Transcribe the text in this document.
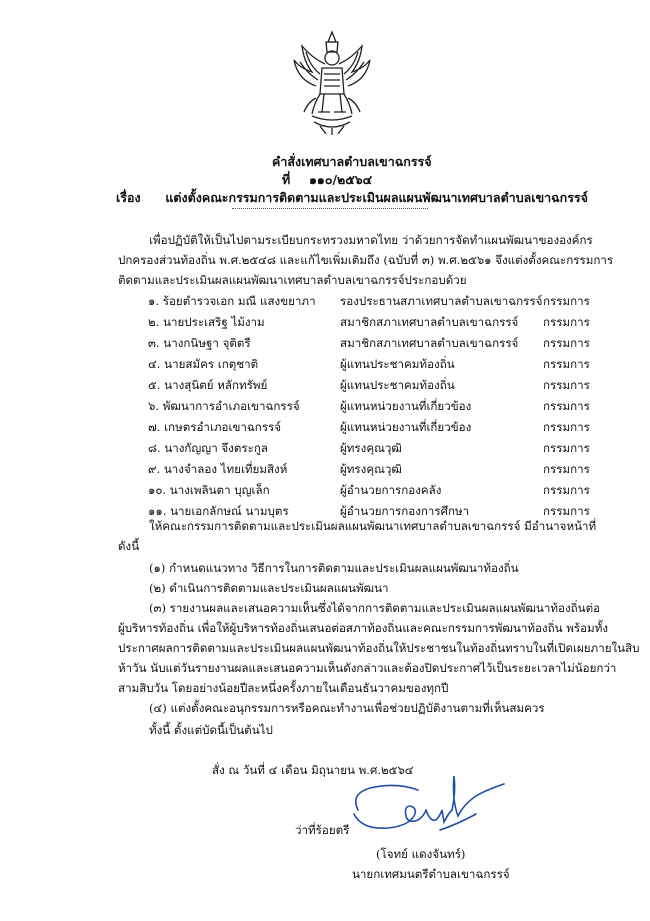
คำสั่งเทศบาลตำบลเขาฉกรรจ์
ที่ ๑๑๐/๒๕๖๔
เรื่อง แต่งตั้งคณะกรรมการติดตามและประเมินผลแผนพัฒนาเทศบาลตำบลเขาฉกรรจ์
เพื่อปฏิบัติให้เป็นไปตามระเบียบกระทรวงมหาดไทย ว่าด้วยการจัดทำแผนพัฒนาขององค์กร
ปกครองส่วนท้องถิ่น พ.ศ.๒๕๔๘ และแก้ไขเพิ่มเติมถึง (ฉบับที่ ๓) พ.ศ.๒๕๖๑ จึงแต่งตั้งคณะกรรมการ
ติดตามและประเมินผลแผนพัฒนาเทศบาลตำบลเขาฉกรรจ์ประกอบด้วย
๑. ร้อยตำรวจเอก มณี แสงขยาภา รองประธานสภาเทศบาลตำบลเขาฉกรรจ์ กรรมการ
๒. นายประเสริฐ ไม้งาม	สมาชิกสภาเทศบาลตำบลเขาฉกรรจ์ กรรมการ
๓. นางกนิษฐา จุติตรี	สมาชิกสภาเทศบาลตำบลเขาฉกรรจ์ กรรมการ
๔. นายสมัคร เกตุชาติ	ผู้แทนประชาคมท้องถิ่น	กรรมการ
๕. นางสุนิตย์ หลักทรัพย์	ผู้แทนประชาคมท้องถิ่น	กรรมการ
๖. พัฒนาการอำเภอเขาฉกรรจ์	ผู้แทนหน่วยงานที่เกี่ยวข้อง	กรรมการ
๗. เกษตรอำเภอเขาฉกรรจ์	ผู้แทนหน่วยงานที่เกี่ยวข้อง	กรรมการ
๘. นางกัญญา จึงตระกูล	ผู้ทรงคุณวุฒิ	กรรมการ
๙. นางจำลอง ไทยเที่ยมสิงห์	ผู้ทรงคุณวุฒิ	กรรมการ
๑๐. นางเพลินตา บุญเล็ก	ผู้อำนวยการกองคลัง	กรรมการ
๑๑. นายเอกลักษณ์ นามบุตร	ผู้อำนวยการกองการศึกษา	กรรมการ
ให้คณะกรรมการติดตามและประเมินผลแผนพัฒนาเทศบาลตำบลเขาฉกรรจ์ มีอำนาจหน้าที่
ดังนี้
(๑) กำหนดแนวทาง วิธีการในการติดตามและประเมินผลแผนพัฒนาท้องถิ่น
(๒) ดำเนินการติดตามและประเมินผลแผนพัฒนา
(๓) รายงานผลและเสนอความเห็นซึ่งได้จากการติดตามและประเมินผลแผนพัฒนาท้องถิ่นต่อ
ผู้บริหารท้องถิ่น เพื่อให้ผู้บริหารท้องถิ่นเสนอต่อสภาท้องถิ่นและคณะกรรมการพัฒนาท้องถิ่น พร้อมทั้ง
ประกาศผลการติดตามและประเมินผลแผนพัฒนาท้องถิ่นให้ประชาชนในท้องถิ่นทราบในที่เปิดเผยภายในสิบ
ห้าวัน นับแต่วันรายงานผลและเสนอความเห็นดังกล่าวและต้องปิดประกาศไว้เป็นระยะเวลาไม่น้อยกว่า
สามสิบวัน โดยอย่างน้อยปีละหนึ่งครั้งภายในเดือนธันวาคมของทุกปี
(๔) แต่งตั้งคณะอนุกรรมการหรือคณะทำงานเพื่อช่วยปฏิบัติงานตามที่เห็นสมควร
ทั้งนี้ ตั้งแต่บัดนี้เป็นต้นไป
สั่ง ณ วันที่ ๔ เดือน มิถุนายน พ.ศ.๒๕๖๔
ว่าที่ร้อยตรี
(โจทย์ แดงจันทร์)
นายกเทศมนตรีตำบลเขาฉกรรจ์
